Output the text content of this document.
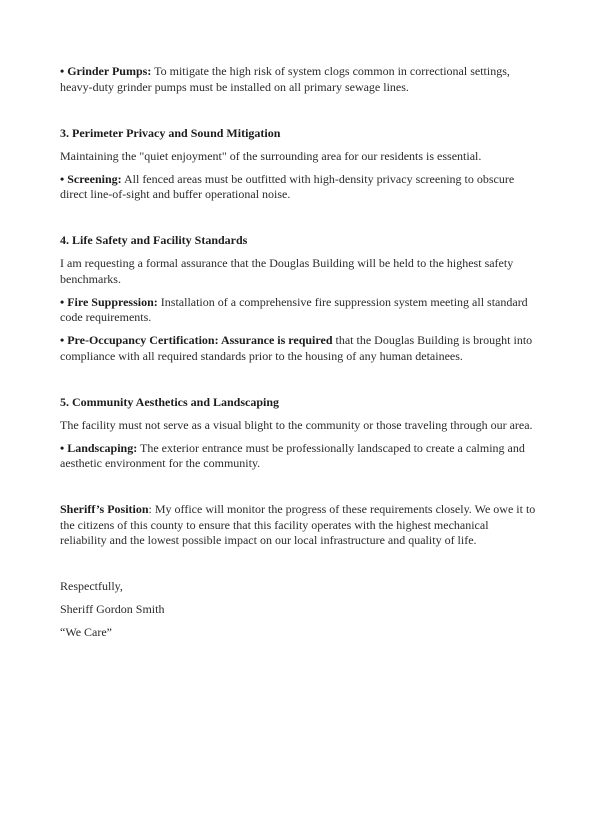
• Grinder Pumps: To mitigate the high risk of system clogs common in correctional settings, heavy-duty grinder pumps must be installed on all primary sewage lines.

3. Perimeter Privacy and Sound Mitigation

Maintaining the "quiet enjoyment" of the surrounding area for our residents is essential.

• Screening: All fenced areas must be outfitted with high-density privacy screening to obscure direct line-of-sight and buffer operational noise.

4. Life Safety and Facility Standards

I am requesting a formal assurance that the Douglas Building will be held to the highest safety benchmarks.

• Fire Suppression: Installation of a comprehensive fire suppression system meeting all standard code requirements.

• Pre-Occupancy Certification: Assurance is required that the Douglas Building is brought into compliance with all required standards prior to the housing of any human detainees.

5. Community Aesthetics and Landscaping

The facility must not serve as a visual blight to the community or those traveling through our area.

• Landscaping: The exterior entrance must be professionally landscaped to create a calming and aesthetic environment for the community.

Sheriff’s Position: My office will monitor the progress of these requirements closely. We owe it to the citizens of this county to ensure that this facility operates with the highest mechanical reliability and the lowest possible impact on our local infrastructure and quality of life.

Respectfully,

Sheriff Gordon Smith

“We Care”
